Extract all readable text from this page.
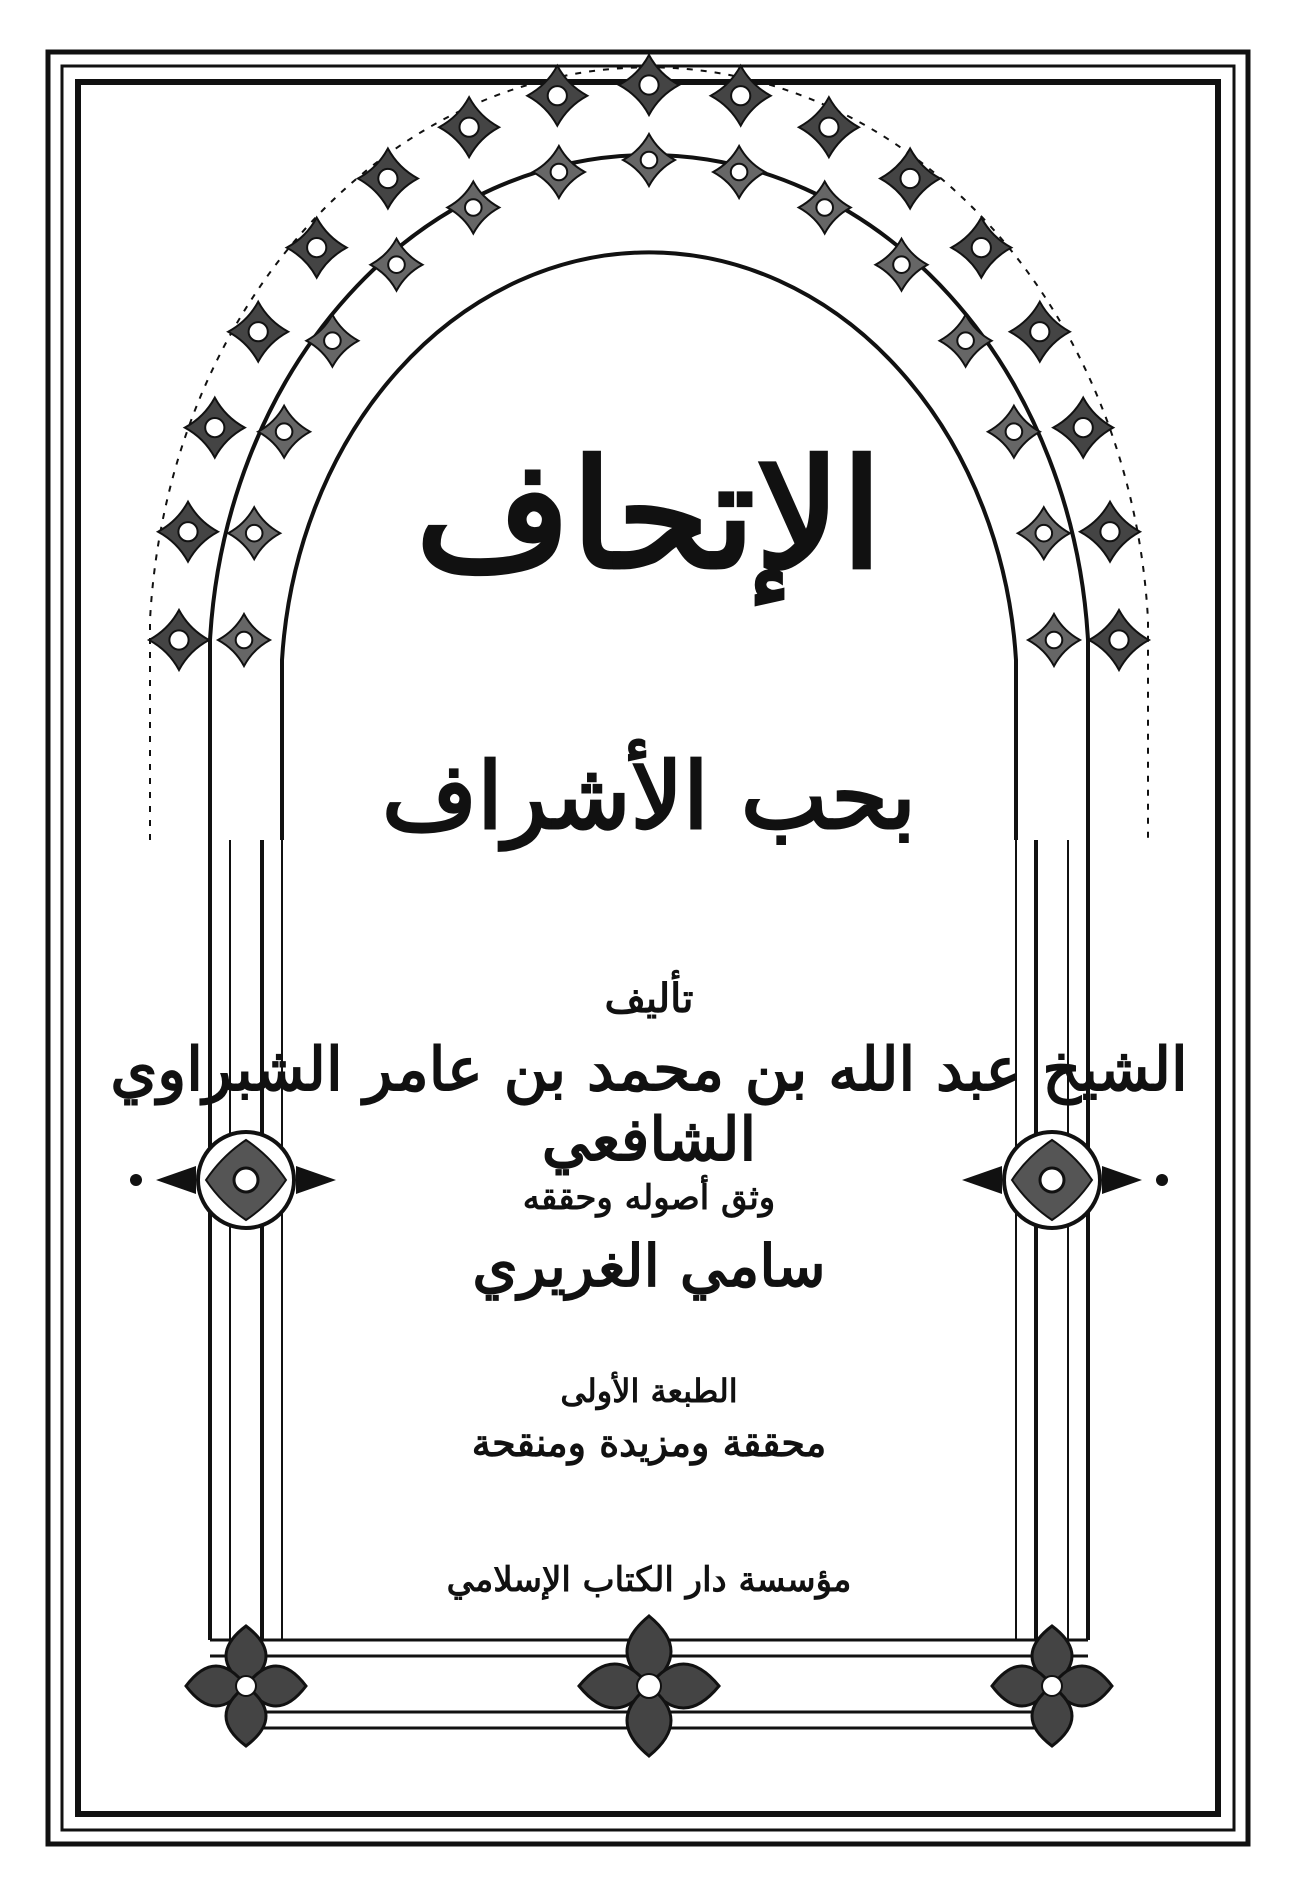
الإتحاف
بحب الأشراف
تأليف
الشيخ عبد الله بن محمد بن عامر الشبراوي الشافعي
وثق أصوله وحققه
سامي الغريري
الطبعة الأولى
محققة ومزيدة ومنقحة
مؤسسة دار الكتاب الإسلامي
